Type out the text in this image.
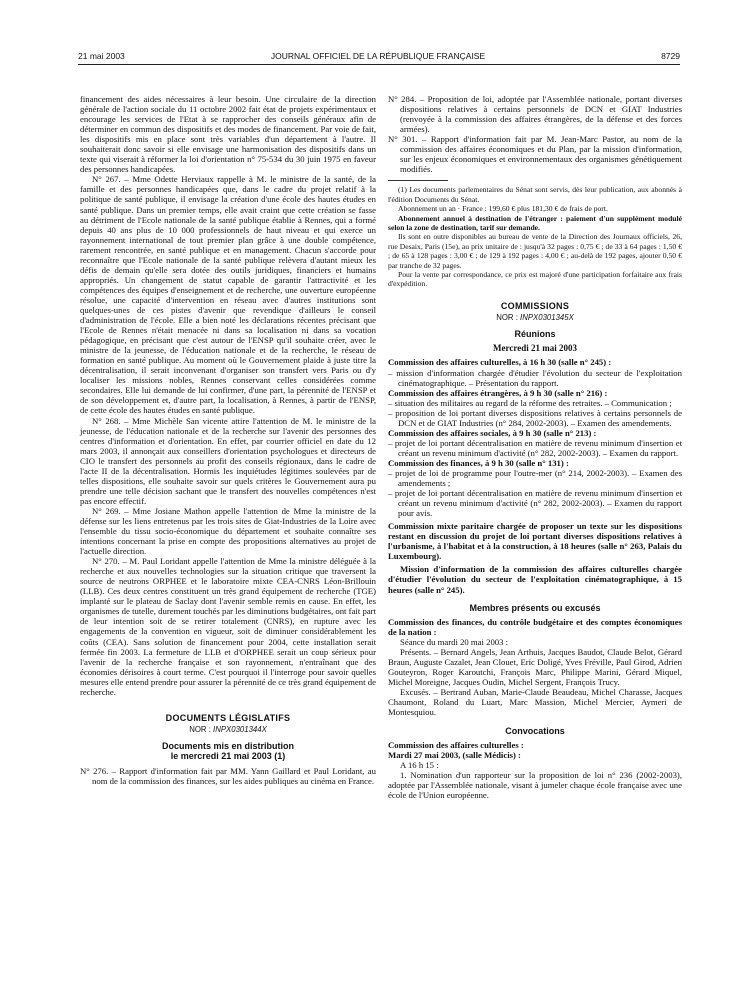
21 mai 2003	JOURNAL OFFICIEL DE LA RÉPUBLIQUE FRANÇAISE	8729

financement des aides nécessaires à leur besoin. Une circulaire de la direction générale de l'action sociale du 11 octobre 2002 fait état de projets expérimentaux et encourage les services de l'Etat à se rapprocher des conseils généraux afin de déterminer en commun des dispositifs et des modes de financement. Par voie de fait, les dispositifs mis en place sont très variables d'un département à l'autre. Il souhaiterait donc savoir si elle envisage une harmonisation des dispositifs dans un texte qui viserait à réformer la loi d'orientation n° 75-534 du 30 juin 1975 en faveur des personnes handicapées.

N° 267. – Mme Odette Herviaux rappelle à M. le ministre de la santé, de la famille et des personnes handicapées que, dans le cadre du projet relatif à la politique de santé publique, il envisage la création d'une école des hautes études en santé publique. Dans un premier temps, elle avait craint que cette création se fasse au détriment de l'Ecole nationale de la santé publique établie à Rennes, qui a formé depuis 40 ans plus de 10 000 professionnels de haut niveau et qui exerce un rayonnement international de tout premier plan grâce à une double compétence, rarement rencontrée, en santé publique et en management. Chacun s'accorde pour reconnaître que l'Ecole nationale de la santé publique relèvera d'autant mieux les défis de demain qu'elle sera dotée des outils juridiques, financiers et humains appropriés. Un changement de statut capable de garantir l'attractivité et les compétences des équipes d'enseignement et de recherche, une ouverture européenne résolue, une capacité d'intervention en réseau avec d'autres institutions sont quelques-unes de ces pistes d'avenir que revendique d'ailleurs le conseil d'administration de l'école. Elle a bien noté les déclarations récentes précisant que l'Ecole de Rennes n'était menacée ni dans sa localisation ni dans sa vocation pédagogique, en précisant que c'est autour de l'ENSP qu'il souhaite créer, avec le ministre de la jeunesse, de l'éducation nationale et de la recherche, le réseau de formation en santé publique. Au moment où le Gouvernement plaide à juste titre la décentralisation, il serait inconvenant d'organiser son transfert vers Paris ou d'y localiser les missions nobles, Rennes conservant celles considérées comme secondaires. Elle lui demande de lui confirmer, d'une part, la pérennité de l'ENSP et de son développement et, d'autre part, la localisation, à Rennes, à partir de l'ENSP, de cette école des hautes études en santé publique.

N° 268. – Mme Michèle San vicente attire l'attention de M. le ministre de la jeunesse, de l'éducation nationale et de la recherche sur l'avenir des personnes des centres d'information et d'orientation. En effet, par courrier officiel en date du 12 mars 2003, il annonçait aux conseillers d'orientation psychologues et directeurs de CIO le transfert des personnels au profit des conseils régionaux, dans le cadre de l'acte II de la décentralisation. Hormis les inquiétudes légitimes soulevées par de telles dispositions, elle souhaite savoir sur quels critères le Gouvernement aura pu prendre une telle décision sachant que le transfert des nouvelles compétences n'est pas encore effectif.

N° 269. – Mme Josiane Mathon appelle l'attention de Mme la ministre de la défense sur les liens entretenus par les trois sites de Giat-Industries de la Loire avec l'ensemble du tissu socio-économique du département et souhaite connaître ses intentions concernant la prise en compte des propositions alternatives au projet de l'actuelle direction.

N° 270. – M. Paul Loridant appelle l'attention de Mme la ministre déléguée à la recherche et aux nouvelles technologies sur la situation critique que traversent la source de neutrons ORPHEE et le laboratoire mixte CEA-CNRS Léon-Brillouin (LLB). Ces deux centres constituent un très grand équipement de recherche (TGE) implanté sur le plateau de Saclay dont l'avenir semble remis en cause. En effet, les organismes de tutelle, durement touchés par les diminutions budgétaires, ont fait part de leur intention soit de se retirer totalement (CNRS), en rupture avec les engagements de la convention en vigueur, soit de diminuer considérablement les coûts (CEA). Sans solution de financement pour 2004, cette installation serait fermée fin 2003. La fermeture de LLB et d'ORPHEE serait un coup sérieux pour l'avenir de la recherche française et son rayonnement, n'entraînant que des économies dérisoires à court terme. C'est pourquoi il l'interroge pour savoir quelles mesures elle entend prendre pour assurer la pérennité de ce très grand équipement de recherche.

DOCUMENTS LÉGISLATIFS
NOR : INPX0301344X
Documents mis en distribution
le mercredi 21 mai 2003 (1)

N° 276. – Rapport d'information fait par MM. Yann Gaillard et Paul Loridant, au nom de la commission des finances, sur les aides publiques au cinéma en France.

N° 284. – Proposition de loi, adoptée par l'Assemblée nationale, portant diverses dispositions relatives à certains personnels de DCN et GIAT Industries (renvoyée à la commission des affaires étrangères, de la défense et des forces armées).

N° 301. – Rapport d'information fait par M. Jean-Marc Pastor, au nom de la commission des affaires économiques et du Plan, par la mission d'information, sur les enjeux économiques et environnementaux des organismes génétiquement modifiés.

(1) Les documents parlementaires du Sénat sont servis, dès leur publication, aux abonnés à l'édition Documents du Sénat.

Abonnement un an · France : 199,60 € plus 181,30 € de frais de port.

Abonnement annuel à destination de l'étranger : paiement d'un supplément modulé selon la zone de destination, tarif sur demande.

Ils sont en outre disponibles au bureau de vente de la Direction des Journaux officiels, 26, rue Desaix, Paris (15e), au prix unitaire de : jusqu'à 32 pages : 0,75 € ; de 33 à 64 pages : 1,50 € ; de 65 à 128 pages : 3,00 € ; de 129 à 192 pages : 4,00 € ; au-delà de 192 pages, ajouter 0,50 € par tranche de 32 pages.

Pour la vente par correspondance, ce prix est majoré d'une participation forfaitaire aux frais d'expédition.

COMMISSIONS
NOR : INPX0301345X
Réunions
Mercredi 21 mai 2003

Commission des affaires culturelles, à 16 h 30 (salle n° 245) :

– mission d'information chargée d'étudier l'évolution du secteur de l'exploitation cinématographique. – Présentation du rapport.

Commission des affaires étrangères, à 9 h 30 (salle n° 216) :

– situation des militaires au regard de la réforme des retraites. – Communication ;

– proposition de loi portant diverses dispositions relatives à certains personnels de DCN et de GIAT Industries (n° 284, 2002-2003). – Examen des amendements.

Commission des affaires sociales, à 9 h 30 (salle n° 213) :

– projet de loi portant décentralisation en matière de revenu minimum d'insertion et créant un revenu minimum d'activité (n° 282, 2002-2003). – Examen du rapport.

Commission des finances, à 9 h 30 (salle n° 131) :

– projet de loi de programme pour l'outre-mer (n° 214, 2002-2003). – Examen des amendements ;

– projet de loi portant décentralisation en matière de revenu minimum d'insertion et créant un revenu minimum d'activité (n° 282, 2002-2003). – Examen du rapport pour avis.

Commission mixte paritaire chargée de proposer un texte sur les dispositions restant en discussion du projet de loi portant diverses dispositions relatives à l'urbanisme, à l'habitat et à la construction, à 18 heures (salle n° 263, Palais du Luxembourg).

Mission d'information de la commission des affaires culturelles chargée d'étudier l'évolution du secteur de l'exploitation cinématographique, à 15 heures (salle n° 245).

Membres présents ou excusés

Commission des finances, du contrôle budgétaire et des comptes économiques de la nation :

Séance du mardi 20 mai 2003 :

Présents. – Bernard Angels, Jean Arthuis, Jacques Baudot, Claude Belot, Gérard Braun, Auguste Cazalet, Jean Clouet, Eric Doligé, Yves Fréville, Paul Girod, Adrien Gouteyron, Roger Karoutchi, François Marc, Philippe Marini, Gérard Miquel, Michel Moreigne, Jacques Oudin, Michel Sergent, François Trucy.

Excusés. – Bertrand Auban, Marie-Claude Beaudeau, Michel Charasse, Jacques Chaumont, Roland du Luart, Marc Massion, Michel Mercier, Aymeri de Montesquiou.

Convocations

Commission des affaires culturelles :

Mardi 27 mai 2003, (salle Médicis) :

A 16 h 15 :

1. Nomination d'un rapporteur sur la proposition de loi n° 236 (2002-2003), adoptée par l'Assemblée nationale, visant à jumeler chaque école française avec une école de l'Union européenne.
